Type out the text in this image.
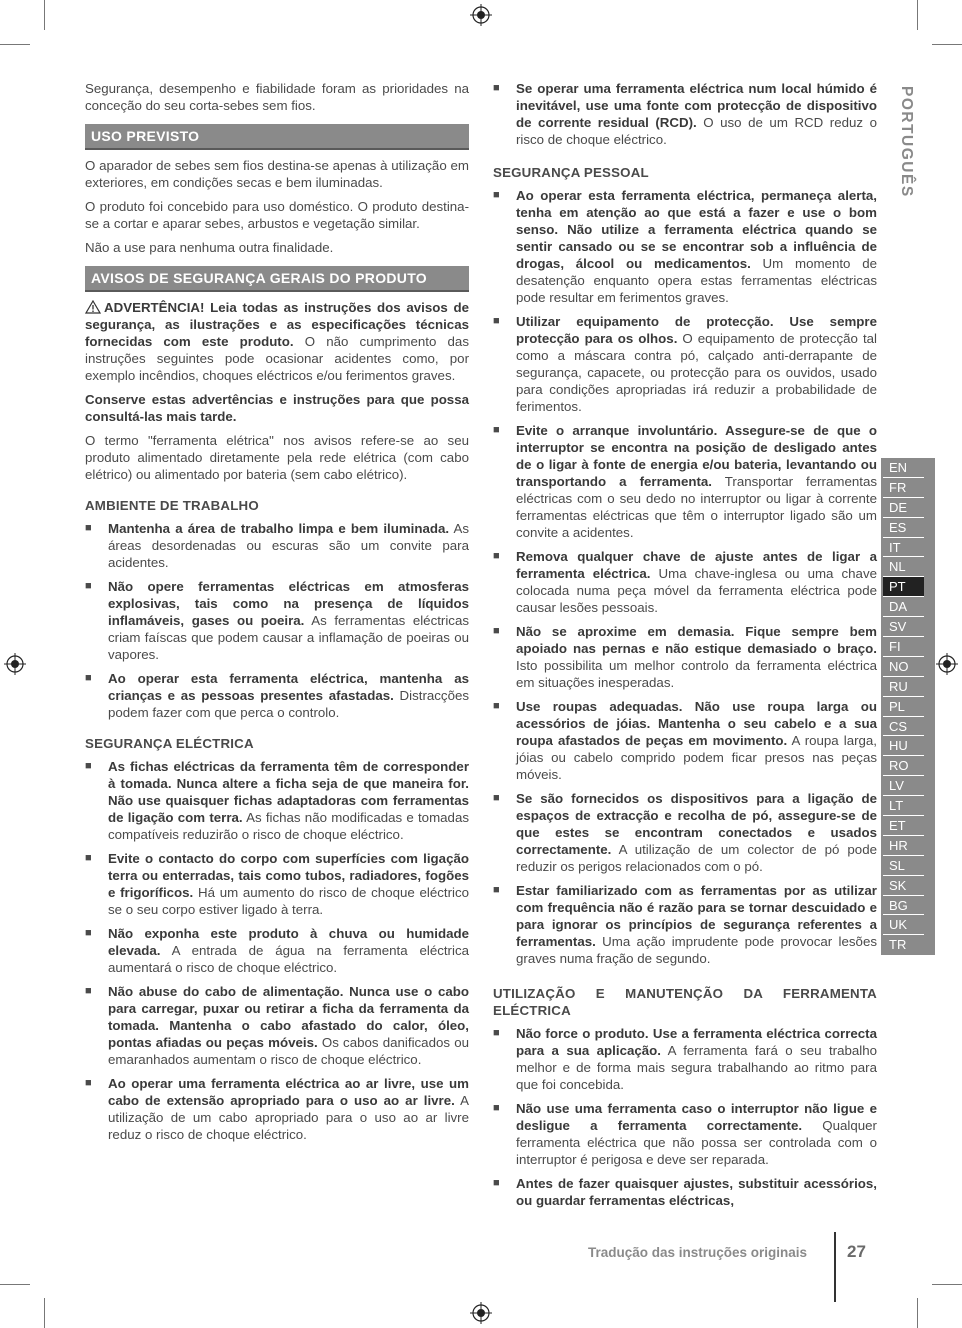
Segurança, desempenho e fiabilidade foram as prioridades na conceção do seu corta-sebes sem fios.

USO PREVISTO

O aparador de sebes sem fios destina-se apenas à utilização em exteriores, em condições secas e bem iluminadas.

O produto foi concebido para uso doméstico. O produto destina-se a cortar e aparar sebes, arbustos e vegetação similar.

Não a use para nenhuma outra finalidade.

AVISOS DE SEGURANÇA GERAIS DO PRODUTO

ADVERTÊNCIA! Leia todas as instruções dos avisos de segurança, as ilustrações e as especificações técnicas fornecidas com este produto. O não cumprimento das instruções seguintes pode ocasionar acidentes como, por exemplo incêndios, choques eléctricos e/ou ferimentos graves.

Conserve estas advertências e instruções para que possa consultá-las mais tarde.

O termo "ferramenta elétrica" nos avisos refere-se ao seu produto alimentado diretamente pela rede elétrica (com cabo elétrico) ou alimentado por bateria (sem cabo elétrico).

AMBIENTE DE TRABALHO
■ Mantenha a área de trabalho limpa e bem iluminada. As áreas desordenadas ou escuras são um convite para acidentes.
■ Não opere ferramentas eléctricas em atmosferas explosivas, tais como na presença de líquidos inflamáveis, gases ou poeira. As ferramentas eléctricas criam faíscas que podem causar a inflamação de poeiras ou vapores.
■ Ao operar esta ferramenta eléctrica, mantenha as crianças e as pessoas presentes afastadas. Distracções podem fazer com que perca o controlo.
SEGURANÇA ELÉCTRICA
■ As fichas eléctricas da ferramenta têm de corresponder à tomada. Nunca altere a ficha seja de que maneira for. Não use quaisquer fichas adaptadoras com ferramentas de ligação com terra. As fichas não modificadas e tomadas compatíveis reduzirão o risco de choque eléctrico.
■ Evite o contacto do corpo com superfícies com ligação terra ou enterradas, tais como tubos, radiadores, fogões e frigoríficos. Há um aumento do risco de choque eléctrico se o seu corpo estiver ligado à terra.
■ Não exponha este produto à chuva ou humidade elevada. A entrada de água na ferramenta eléctrica aumentará o risco de choque eléctrico.
■ Não abuse do cabo de alimentação. Nunca use o cabo para carregar, puxar ou retirar a ficha da ferramenta da tomada. Mantenha o cabo afastado do calor, óleo, pontas afiadas ou peças móveis. Os cabos danificados ou emaranhados aumentam o risco de choque eléctrico.
■ Ao operar uma ferramenta eléctrica ao ar livre, use um cabo de extensão apropriado para o uso ao ar livre. A utilização de um cabo apropriado para o uso ao ar livre reduz o risco de choque eléctrico.
■ Se operar uma ferramenta eléctrica num local húmido é inevitável, use uma fonte com protecção de dispositivo de corrente residual (RCD). O uso de um RCD reduz o risco de choque eléctrico.
SEGURANÇA PESSOAL
■ Ao operar esta ferramenta eléctrica, permaneça alerta, tenha em atenção ao que está a fazer e use o bom senso. Não utilize a ferramenta eléctrica quando se sentir cansado ou se se encontrar sob a influência de drogas, álcool ou medicamentos. Um momento de desatenção enquanto opera estas ferramentas eléctricas pode resultar em ferimentos graves.
■ Utilizar equipamento de protecção. Use sempre protecção para os olhos. O equipamento de protecção tal como a máscara contra pó, calçado anti-derrapante de segurança, capacete, ou protecção para os ouvidos, usado para condições apropriadas irá reduzir a probabilidade de ferimentos.
■ Evite o arranque involuntário. Assegure-se de que o interruptor se encontra na posição de desligado antes de o ligar à fonte de energia e/ou bateria, levantando ou transportando a ferramenta. Transportar ferramentas eléctricas com o seu dedo no interruptor ou ligar à corrente ferramentas eléctricas que têm o interruptor ligado são um convite a acidentes.
■ Remova qualquer chave de ajuste antes de ligar a ferramenta eléctrica. Uma chave-inglesa ou uma chave colocada numa peça móvel da ferramenta eléctrica pode causar lesões pessoais.
■ Não se aproxime em demasia. Fique sempre bem apoiado nas pernas e não estique demasiado o braço. Isto possibilita um melhor controlo da ferramenta eléctrica em situações inesperadas.
■ Use roupas adequadas. Não use roupa larga ou acessórios de jóias. Mantenha o seu cabelo e a sua roupa afastados de peças em movimento. A roupa larga, jóias ou cabelo comprido podem ficar presos nas peças móveis.
■ Se são fornecidos os dispositivos para a ligação de espaços de extracção e recolha de pó, assegure-se de que estes se encontram conectados e usados correctamente. A utilização de um colector de pó pode reduzir os perigos relacionados com o pó.
■ Estar familiarizado com as ferramentas por as utilizar com frequência não é razão para se tornar descuidado e para ignorar os princípios de segurança referentes a ferramentas. Uma ação imprudente pode provocar lesões graves numa fração de segundo.
UTILIZAÇÃO E MANUTENÇÃO DA FERRAMENTA ELÉCTRICA
■ Não force o produto. Use a ferramenta eléctrica correcta para a sua aplicação. A ferramenta fará o seu trabalho melhor e de forma mais segura trabalhando ao ritmo para que foi concebida.
■ Não use uma ferramenta caso o interruptor não ligue e desligue a ferramenta correctamente. Qualquer ferramenta eléctrica que não possa ser controlada com o interruptor é perigosa e deve ser reparada.
■ Antes de fazer quaisquer ajustes, substituir acessórios, ou guardar ferramentas eléctricas,
PORTUGUÊS
EN
FR
DE
ES
IT
NL
PT
DA
SV
FI
NO
RU
PL
CS
HU
RO
LV
LT
ET
HR
SL
SK
BG
UK
TR
Tradução das instruções originais 27
